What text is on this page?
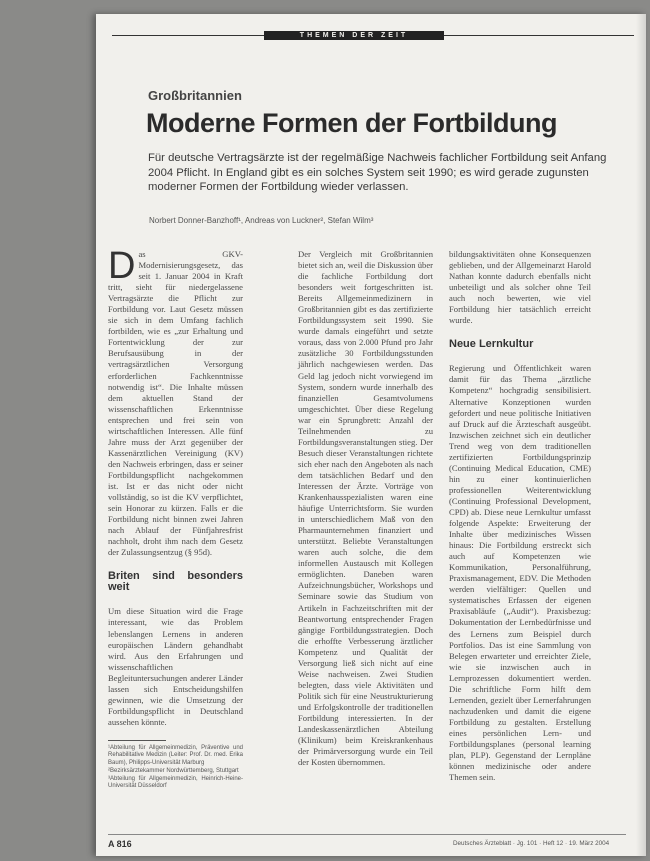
THEMEN DER ZEIT
Großbritannien
Moderne Formen der Fortbildung
Für deutsche Vertragsärzte ist der regelmäßige Nachweis fachlicher Fortbildung seit Anfang 2004 Pflicht. In England gibt es ein solches System seit 1990; es wird gerade zugunsten moderner Formen der Fortbildung wieder verlassen.
Norbert Donner-Banzhoff¹, Andreas von Luckner², Stefan Wilm³

Das GKV-Modernisierungsgesetz, das seit 1. Januar 2004 in Kraft tritt, sieht für niedergelassene Vertragsärzte die Pflicht zur Fortbildung vor. Laut Gesetz müssen sie sich in dem Umfang fachlich fortbilden, wie es „zur Erhaltung und Fortentwicklung der zur Berufsausübung in der vertragsärztlichen Versorgung erforderlichen Fachkenntnisse notwendig ist“. Die Inhalte müssen dem aktuellen Stand der wissenschaftlichen Erkenntnisse entsprechen und frei sein von wirtschaftlichen Interessen. Alle fünf Jahre muss der Arzt gegenüber der Kassenärztlichen Vereinigung (KV) den Nachweis erbringen, dass er seiner Fortbildungspflicht nachgekommen ist. Ist er das nicht oder nicht vollständig, so ist die KV verpflichtet, sein Honorar zu kürzen. Falls er die Fortbildung nicht binnen zwei Jahren nach Ablauf der Fünfjahresfrist nachholt, droht ihm nach dem Gesetz der Zulassungsentzug (§ 95d).

Briten sind besonders weit

Um diese Situation wird die Frage interessant, wie das Problem lebenslangen Lernens in anderen europäischen Ländern gehandhabt wird. Aus den Erfahrungen und wissenschaftlichen Begleituntersuchungen anderer Länder lassen sich Entscheidungshilfen gewinnen, wie die Umsetzung der Fortbildungspflicht in Deutschland aussehen könnte.

¹Abteilung für Allgemeinmedizin, Präventive und Rehabilitative Medizin (Leiter: Prof. Dr. med. Erika Baum), Philipps-Universität Marburg

²Bezirksärztekammer Nordwürttemberg, Stuttgart

³Abteilung für Allgemeinmedizin, Heinrich-Heine-Universität Düsseldorf

Der Vergleich mit Großbritannien bietet sich an, weil die Diskussion über die fachliche Fortbildung dort besonders weit fortgeschritten ist. Bereits Allgemeinmedizinern in Großbritannien gibt es das zertifizierte Fortbildungssystem seit 1990. Sie wurde damals eingeführt und setzte voraus, dass von 2.000 Pfund pro Jahr zusätzliche 30 Fortbildungsstunden jährlich nachgewiesen werden. Das Geld lag jedoch nicht vorwiegend im System, sondern wurde innerhalb des finanziellen Gesamtvolumens umgeschichtet. Über diese Regelung war ein Sprungbrett: Anzahl der Teilnehmenden zu Fortbildungsveranstaltungen stieg. Der Besuch dieser Veranstaltungen richtete sich eher nach den Angeboten als nach dem tatsächlichen Bedarf und den Interessen der Ärzte. Vorträge von Krankenhausspezialisten waren eine häufige Unterrichtsform. Sie wurden in unterschiedlichem Maß von den Pharmaunternehmen finanziert und unterstützt. Beliebte Veranstaltungen waren auch solche, die dem informellen Austausch mit Kollegen ermöglichten. Daneben waren Aufzeichnungsbücher, Workshops und Seminare sowie das Studium von Artikeln in Fachzeitschriften mit der Beantwortung entsprechender Fragen gängige Fortbildungsstrategien. Doch die erhoffte Verbesserung ärztlicher Kompetenz und Qualität der Versorgung ließ sich nicht auf eine Weise nachweisen. Zwei Studien belegten, dass viele Aktivitäten und Politik sich für eine Neustrukturierung und Erfolgskontrolle der traditionellen Fortbildung interessierten. In der Landeskassenärztlichen Abteilung (Klinikum) beim Kreiskrankenhaus der Primärversorgung wurde ein Teil der Kosten übernommen.

bildungsaktivitäten ohne Konsequenzen geblieben, und der Allgemeinarzt Harold Nathan konnte dadurch ebenfalls nicht unbeteiligt und als solcher ohne Teil auch noch bewerten, wie viel Fortbildung hier tatsächlich erreicht wurde.

Neue Lernkultur

Regierung und Öffentlichkeit waren damit für das Thema „ärztliche Kompetenz“ hochgradig sensibilisiert. Alternative Konzeptionen wurden gefordert und neue politische Initiativen auf Druck auf die Ärzteschaft ausgeübt. Inzwischen zeichnet sich ein deutlicher Trend weg von dem traditionellen zertifizierten Fortbildungsprinzip (Continuing Medical Education, CME) hin zu einer kontinuierlichen professionellen Weiterentwicklung (Continuing Professional Development, CPD) ab. Diese neue Lernkultur umfasst folgende Aspekte: Erweiterung der Inhalte über medizinisches Wissen hinaus: Die Fortbildung erstreckt sich auch auf Kompetenzen wie Kommunikation, Personalführung, Praxismanagement, EDV. Die Methoden werden vielfältiger: Quellen und systematisches Erfassen der eigenen Praxisabläufe („Audit“). Praxisbezug: Dokumentation der Lernbedürfnisse und des Lernens zum Beispiel durch Portfolios. Das ist eine Sammlung von Belegen erwarteter und erreichter Ziele, wie sie inzwischen auch in Lernprozessen dokumentiert werden. Die schriftliche Form hilft dem Lernenden, gezielt über Lernerfahrungen nachzudenken und damit die eigene Fortbildung zu gestalten. Erstellung eines persönlichen Lern- und Fortbildungsplanes (personal learning plan, PLP). Gegenstand der Lernpläne können medizinische oder andere Themen sein.

A 816	Deutsches Ärzteblatt · Jg. 101 · Heft 12 · 19. März 2004
